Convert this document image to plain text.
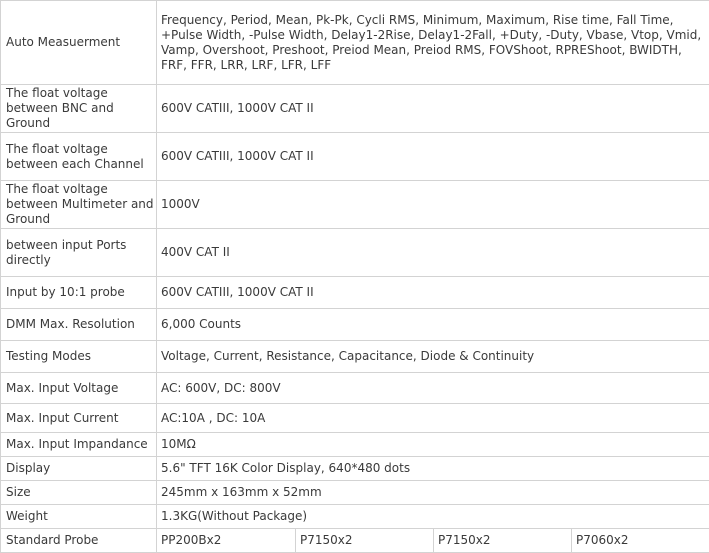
Auto Measuerment	Frequency, Period, Mean, Pk-Pk, Cycli RMS, Minimum, Maximum, Rise time, Fall Time, +Pulse Width, -Pulse Width, Delay1-2Rise, Delay1-2Fall, +Duty, -Duty, Vbase, Vtop, Vmid, Vamp, Overshoot, Preshoot, Preiod Mean, Preiod RMS, FOVShoot, RPREShoot, BWIDTH, FRF, FFR, LRR, LRF, LFR, LFF			
The float voltage between BNC and Ground	600V CATIII, 1000V CAT II			
The float voltage between each Channel	600V CATIII, 1000V CAT II			
The float voltage between Multimeter and Ground	1000V			
between input Ports directly	400V CAT II			
Input by 10:1 probe	600V CATIII, 1000V CAT II			
DMM Max. Resolution	6,000 Counts			
Testing Modes	Voltage, Current, Resistance, Capacitance, Diode & Continuity			
Max. Input Voltage	AC: 600V, DC: 800V			
Max. Input Current	AC:10A , DC: 10A			
Max. Input Impandance	10MΩ			
Display	5.6" TFT 16K Color Display, 640*480 dots			
Size	245mm x 163mm x 52mm			
Weight	1.3KG(Without Package)			
Standard Probe	PP200Bx2	P7150x2	P7150x2	P7060x2
